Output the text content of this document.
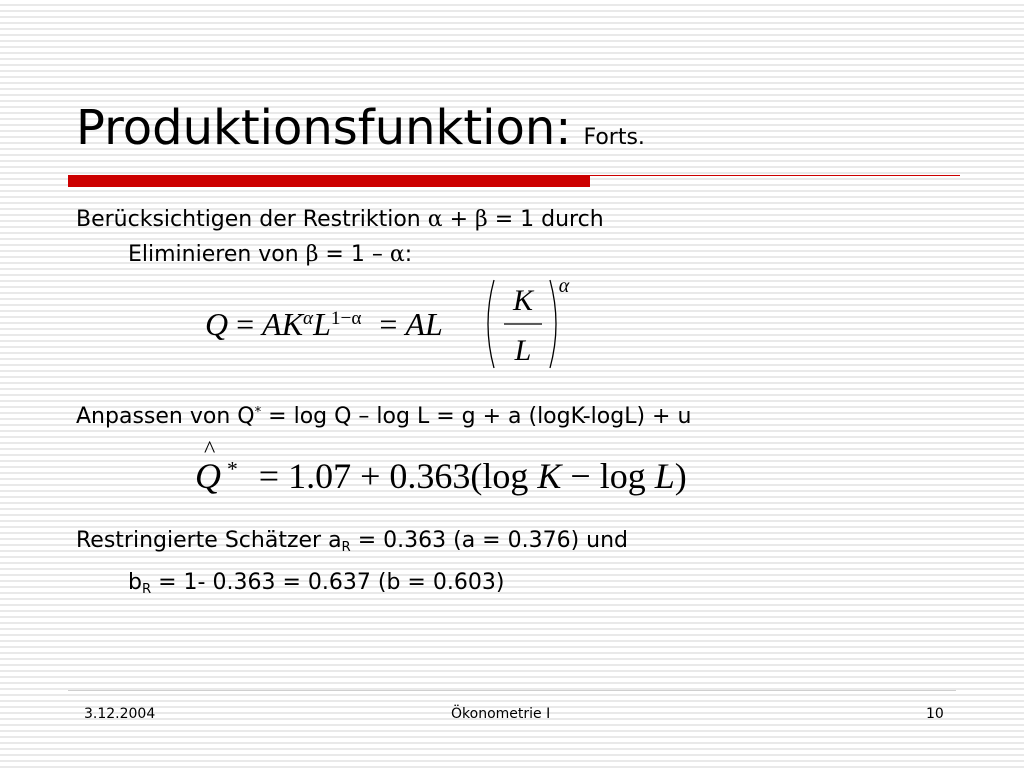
Produktionsfunktion: Forts.
Berücksichtigen der Restriktion α + β = 1 durch
Eliminieren von β = 1 – α:
$Q = AK^\alpha L^{1-\alpha}$ = AL
K
L
α
Anpassen von Q* = log Q – log L = g + a (logK-logL) + u
Q
^
* = 1.07 + 0.363(log K − log L)
Restringierte Schätzer $a_R = 0.363$ (a = 0.376) und
$b_R = 1-$ 0.363 = 0.637 (b = 0.603)
3.12.2004	Ökonometrie I	10
